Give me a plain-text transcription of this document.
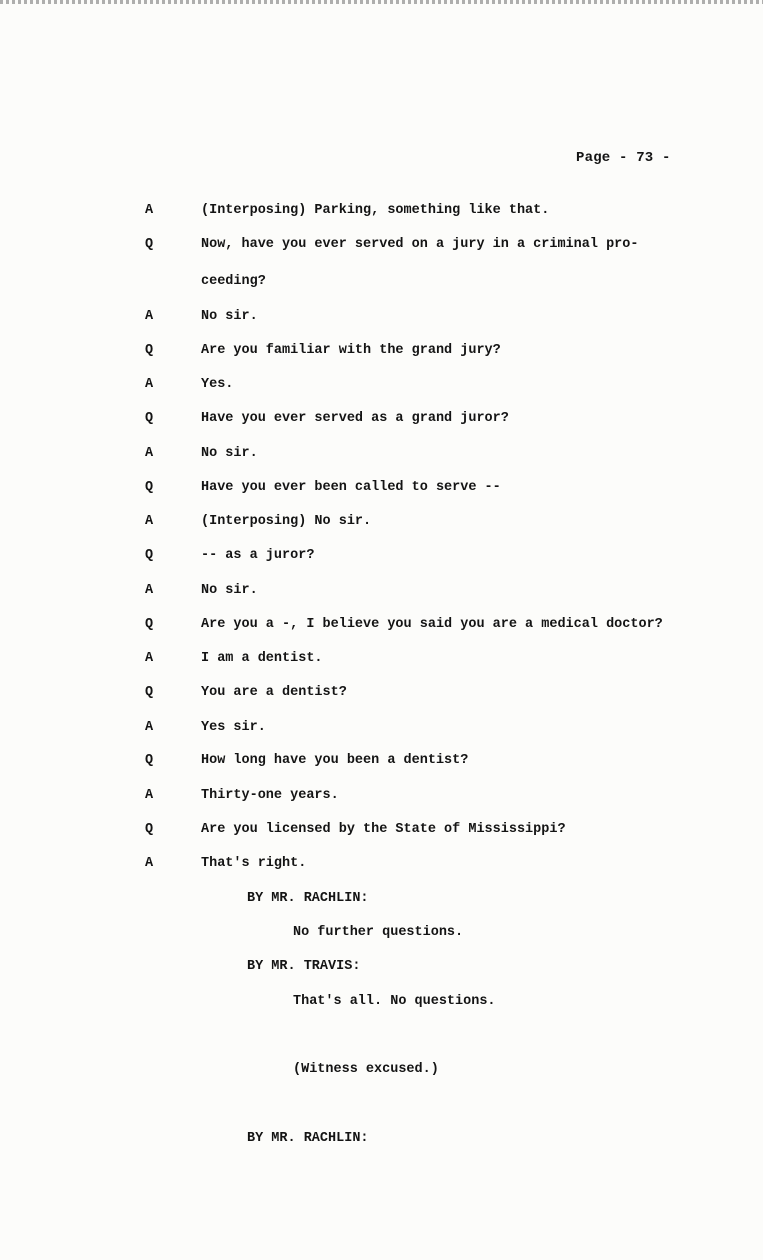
Page - 73 -
A	(Interposing) Parking, something like that.
Q	Now, have you ever served on a jury in a criminal pro-
ceeding?
A	No sir.
Q	Are you familiar with the grand jury?
A	Yes.
Q	Have you ever served as a grand juror?
A	No sir.
Q	Have you ever been called to serve --
A	(Interposing) No sir.
Q	-- as a juror?
A	No sir.
Q	Are you a -, I believe you said you are a medical doctor?
A	I am a dentist.
Q	You are a dentist?
A	Yes sir.
Q	How long have you been a dentist?
A	Thirty-one years.
Q	Are you licensed by the State of Mississippi?
A	That's right.
BY MR. RACHLIN:
No further questions.
BY MR. TRAVIS:
That's all. No questions.
(Witness excused.)
BY MR. RACHLIN:
